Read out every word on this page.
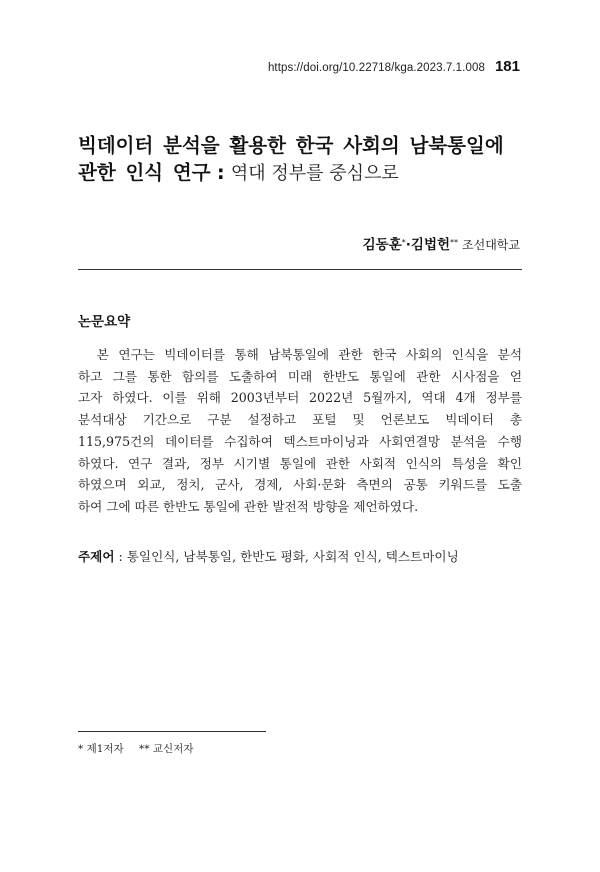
https://doi.org/10.22718/kga.2023.7.1.008 181
빅데이터 분석을 활용한 한국 사회의 남북통일에
관한 인식 연구 : 역대 정부를 중심으로
김동훈*·김법헌** 조선대학교
논문요약
본 연구는 빅데이터를 통해 남북통일에 관한 한국 사회의 인식을 분석
하고 그를 통한 함의를 도출하여 미래 한반도 통일에 관한 시사점을 얻
고자 하였다. 이를 위해 2003년부터 2022년 5월까지, 역대 4개 정부를
분석대상 기간으로 구분 설정하고 포털 및 언론보도 빅데이터 총
115,975건의 데이터를 수집하여 텍스트마이닝과 사회연결망 분석을 수행
하였다. 연구 결과, 정부 시기별 통일에 관한 사회적 인식의 특성을 확인
하였으며 외교, 정치, 군사, 경제, 사회·문화 측면의 공통 키워드를 도출
하여 그에 따른 한반도 통일에 관한 발전적 방향을 제언하였다.
주제어 : 통일인식, 남북통일, 한반도 평화, 사회적 인식, 텍스트마이닝
* 제1저자 ** 교신저자
